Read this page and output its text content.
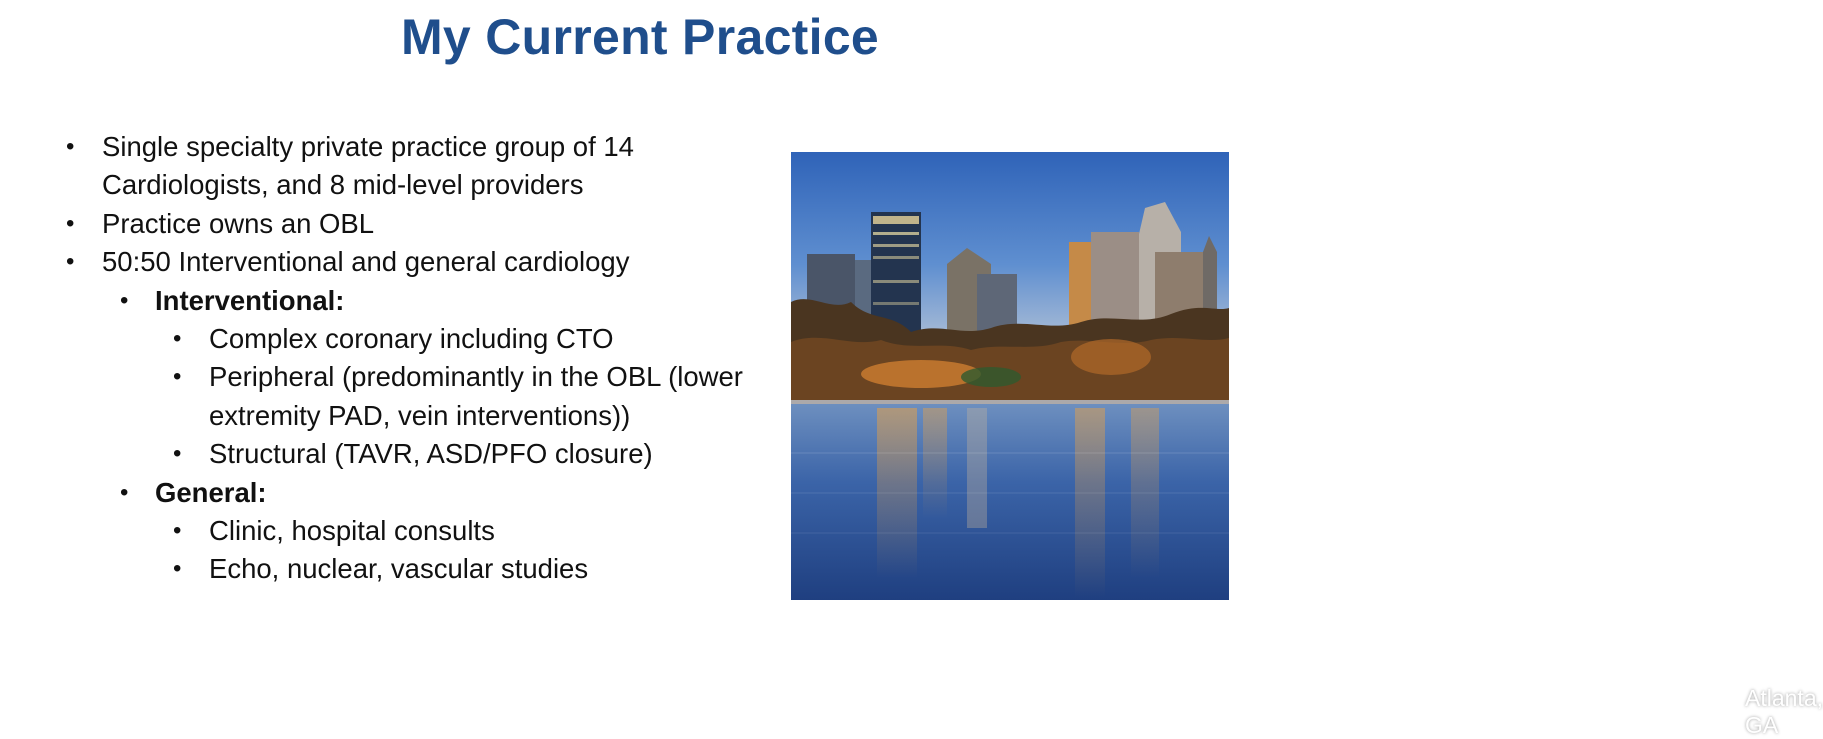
My Current Practice
• Single specialty private practice group of 14 Cardiologists, and 8 mid-level providers
• Practice owns an OBL
• 50:50 Interventional and general cardiology
• Interventional:
• Complex coronary including CTO
• Peripheral (predominantly in the OBL (lower extremity PAD, vein interventions))
• Structural (TAVR, ASD/PFO closure)
• General:
• Clinic, hospital consults
• Echo, nuclear, vascular studies
Atlanta, GA
